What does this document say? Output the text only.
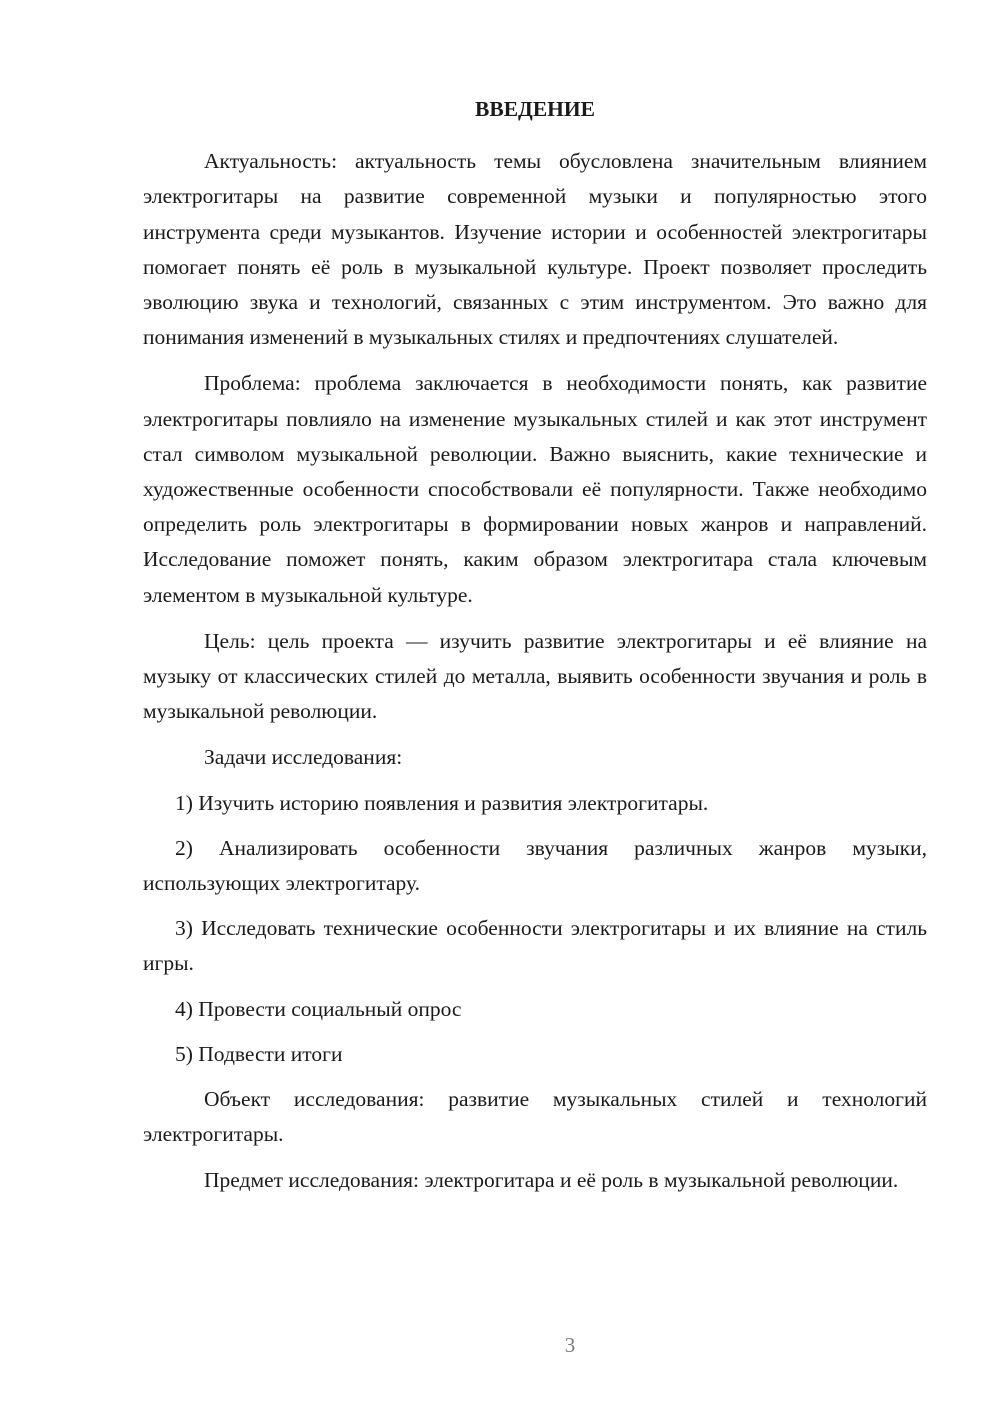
ВВЕДЕНИЕ

Актуальность: актуальность темы обусловлена значительным влиянием электрогитары на развитие современной музыки и популярностью этого инструмента среди музыкантов. Изучение истории и особенностей электрогитары помогает понять её роль в музыкальной культуре. Проект позволяет проследить эволюцию звука и технологий, связанных с этим инструментом. Это важно для понимания изменений в музыкальных стилях и предпочтениях слушателей.

Проблема: проблема заключается в необходимости понять, как развитие электрогитары повлияло на изменение музыкальных стилей и как этот инструмент стал символом музыкальной революции. Важно выяснить, какие технические и художественные особенности способствовали её популярности. Также необходимо определить роль электрогитары в формировании новых жанров и направлений. Исследование поможет понять, каким образом электрогитара стала ключевым элементом в музыкальной культуре.

Цель: цель проекта — изучить развитие электрогитары и её влияние на музыку от классических стилей до металла, выявить особенности звучания и роль в музыкальной революции.

Задачи исследования:

1) Изучить историю появления и развития электрогитары.

2) Анализировать особенности звучания различных жанров музыки, использующих электрогитару.

3) Исследовать технические особенности электрогитары и их влияние на стиль игры.

4) Провести социальный опрос

5) Подвести итоги

Объект исследования: развитие музыкальных стилей и технологий электрогитары.

Предмет исследования: электрогитара и её роль в музыкальной революции.

3
